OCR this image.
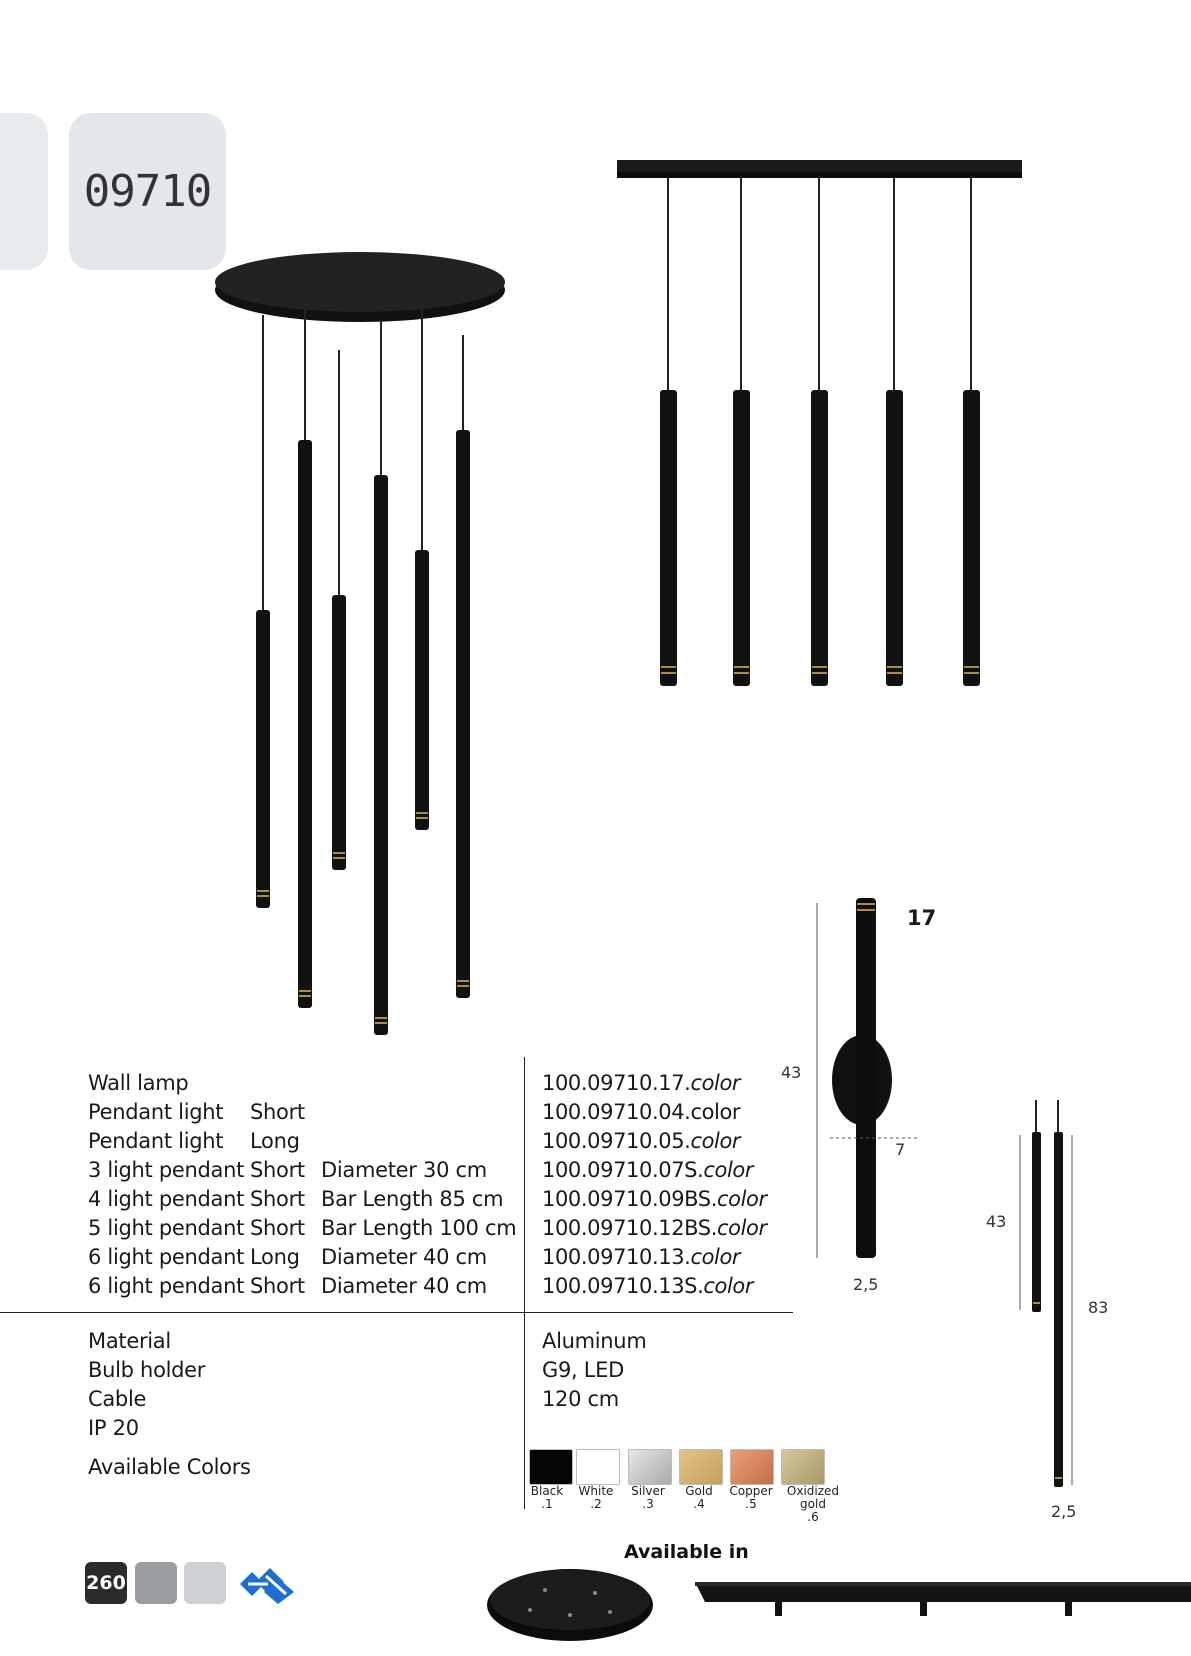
09710
43
7
2,5
17
43
83
2,5
Wall lamp
Pendant light
Pendant light
3 light pendant
4 light pendant
5 light pendant
6 light pendant
6 light pendant
Short
Long
Short
Short
Short
Long
Short
Diameter 30 cm
Bar Length 85 cm
Bar Length 100 cm
Diameter 40 cm
Diameter 40 cm
100.09710.17.color
100.09710.04.color
100.09710.05.color
100.09710.07S.color
100.09710.09BS.color
100.09710.12BS.color
100.09710.13.color
100.09710.13S.color
Material
Bulb holder
Cable
IP 20
Aluminum
G9, LED
120 cm
Available Colors
Black
.1
White
.2
Silver
.3
Gold
.4
Copper
.5
Oxidized gold
.6
Available in
260
